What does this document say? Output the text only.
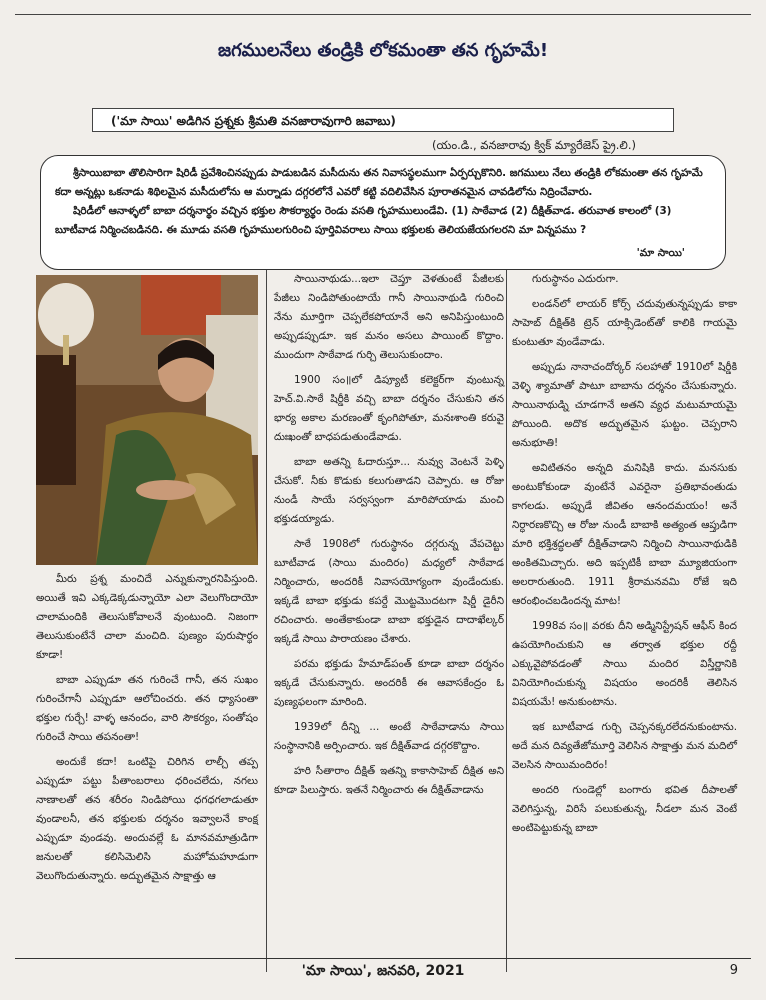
జగములనేలు తండ్రికి లోకమంతా తన గృహమే!
('మా సాయి' అడిగిన ప్రశ్నకు శ్రీమతి వనజారావుగారి జవాబు)
(యం.డి., వనజారావు క్విక్ మ్యారేజెస్ ప్రై.లి.)

శ్రీసాయిబాబా తొలిసారిగా షిరిడీ ప్రవేశించినప్పుడు పాడుబడిన మసీదును తన నివాసస్థలముగా ఏర్పర్చుకొనిరి. జగములు నేలు తండ్రికి లోకమంతా తన గృహమే కదా అన్నట్లు ఒకనాడు శిథిలమైన మసీదులోను ఆ మర్నాడు దగ్గరలోనే ఎవరో కట్టి వదిలివేసిన పూరాతనమైన చావడిలోను నిద్రించేవారు.

షిరిడీలో ఆనాళ్ళలో బాబా దర్శనార్థం వచ్చిన భక్తుల సౌకర్యార్థం రెండు వసతి గృహములుండేవి. (1) సాఠేవాడ (2) దీక్షిత్‌వాడ. తరువాత కాలంలో (3) బూటీవాడ నిర్మించబడినది. ఈ మూడు వసతి గృహములగురించి పూర్తివివరాలు సాయి భక్తులకు తెలియజేయగలరని మా విన్నపము ?

'మా సాయి'

మీరు ప్రశ్న మంచిదే ఎన్నుకున్నారనిపిస్తుంది. అయితే ఇవి ఎక్కడెక్కడున్నాయో ఎలా వెలుగొందాయో చాలామందికి తెలుసుకోవాలనే వుంటుంది. నిజంగా తెలుసుకుంటేనే చాలా మంచిది. పుణ్యం పురుషార్థం కూడా!

బాబా ఎప్పుడూ తన గురించే గానీ, తన సుఖం గురించేగానీ ఎప్పుడూ ఆలోచించరు. తన ధ్యాసంతా భక్తుల గుర్చే! వాళ్ళ ఆనందం, వారి సౌకర్యం, సంతోషం గురించే సాయి తపనంతా!

అందుకే కదా! ఒంటిపై చిరిగిన లాల్చీ తప్ప ఎప్పుడూ పట్టు పీతాంబరాలు ధరించలేదు, నగలు నాణాలతో తన శరీరం నిండిపోయి ధగధగలాడుతూ వుండాలనీ, తన భక్తులకు దర్శనం ఇవ్వాలనే కాంక్ష ఎప్పుడూ వుండవు. అందువల్లే ఓ మానవమాత్రుడిగా జనులతో కలిసిమెలిసి మహోమహూడుగా వెలుగొందుతున్నారు. అద్భుతమైన సాక్షాత్తు ఆ

సాయినాథుడు...ఇలా చెప్తూ వెళతుంటే పేజీలకు పేజీలు నిండిపోతుంటాయే గానీ సాయినాథుడి గురించి నేను మూర్తిగా చెప్పలేకపోయానే అని అనిపిస్తుంటుంది అప్పుడప్పుడూ. ఇక మనం అసలు పాయింట్ కొద్దాం. ముందుగా సాఠేవాడ గుర్చి తెలుసుకుందాం.

1900 సం॥లో డిప్యూటీ కలెక్టర్‌గా వుంటున్న హెచ్.వి.సాఠే షిర్డీకి వచ్చి బాబా దర్శనం చేసుకుని తన భార్య అకాల మరణంతో కృంగిపోతూ, మనఃశాంతి కరువై దుఃఖంతో బాధపడుతుండేవాడు.

బాబా అతన్ని ఓదారుస్తూ... నువ్వు వెంటనే పెళ్ళి చేసుకో. నీకు కొడుకు కలుగుతాడని చెప్పారు. ఆ రోజు నుండీ సాయే సర్వస్వంగా మారిపోయాడు మంచి భక్తుడయ్యాడు.

సాఠే 1908లో గురుస్థానం దగ్గరున్న వేపచెట్టు బూటీవాడ (సాయి మందిరం) మధ్యలో సాఠేవాడ నిర్మించారు, అందరికీ నివాసయోగ్యంగా వుండేందుకు. ఇక్కడే బాబా భక్తుడు కపర్దే మొట్టమొదటగా షిర్డీ డైరీని రచించారు. అంతేకాకుండా బాబా భక్తుడైన దాదాఖేల్కర్ ఇక్కడే సాయి పారాయణం చేశారు.

పరమ భక్తుడు హేమాడ్‌పంత్ కూడా బాబా దర్శనం ఇక్కడే చేసుకున్నారు. అందరికీ ఈ ఆవాసకేంద్రం ఓ పుణ్యఫలంగా మారింది.

1939లో దీన్ని ... అంటే సాఠేవాడాను సాయి సంస్థానానికి అర్పించారు. ఇక దీక్షిత్‌వాడ దగ్గరకొద్దాం.

హరి సీతారాం దీక్షిత్ ఇతన్ని కాకాసాహెబ్ దీక్షిత అని కూడా పిలుస్తారు. ఇతనే నిర్మించారు ఈ దీక్షిత్‌వాడాను

గురుస్థానం ఎదురుగా.

లండన్‌లో లాయర్ కోర్స్ చదువుతున్నప్పుడు కాకా సాహెబ్ దీక్షిత్‌కి ట్రెన్ యాక్సిడెంట్‌తో కాలికి గాయమై కుంటుతూ వుండేవాడు.

అప్పుడు నానాచందోర్కర్ సలహాతో 1910లో షిర్డీకి వెళ్ళి శ్యామాతో పాటూ బాబాను దర్శనం చేసుకున్నారు. సాయినాథుడ్ని చూడగానే అతని వ్యధ మటుమాయమై పోయింది. అదొక అద్భుతమైన ఘట్టం. చెప్పరాని అనుభూతి!

అవిటితనం అన్నది మనిషికి కాదు. మనసుకు అంటుకోకుండా వుంటేనే ఎవరైనా ప్రతిభావంతుడు కాగలడు. అప్పుడే జీవితం ఆనందమయం! అనే నిర్ధారణకొచ్చి ఆ రోజు నుండీ బాబాకి అత్యంత ఆప్తుడిగా మారి భక్తిశ్రద్ధలతో దీక్షిత్‌వాడాని నిర్మించి సాయినాథుడికి అంకితమిచ్చారు. అది ఇప్పటికీ బాబా మ్యూజియంగా అలరారుతుంది. 1911 శ్రీరామనవమి రోజే ఇది ఆరంభించబడిందన్న మాట!

1998వ సం॥ వరకు దీని అడ్మినిస్ట్రేషన్ ఆఫీస్ కింద ఉపయోగించుకుని ఆ తర్వాత భక్తుల రద్దీ ఎక్కువైపోవడంతో సాయి మందిర విస్తీర్ణానికి వినియోగించుకున్న విషయం అందరికీ తెలిసిన విషయమే! అనుకుంటాను.

ఇక బూటీవాడ గుర్చి చెప్పనక్కరలేదనుకుంటాను. అదే మన దివ్యతేజోమూర్తి వెలిసిన సాక్షాత్తు మన మదిలో వెలసిన సాయిమందిరం!

అందరి గుండెల్లో బంగారు భవిత దీపాలతో వెలిగిస్తున్న, విరిసే పలుకుతున్న, నీడలా మన వెంటే అంటిపెట్టుకున్న బాబా

'మా సాయి', జనవరి, 2021	9
